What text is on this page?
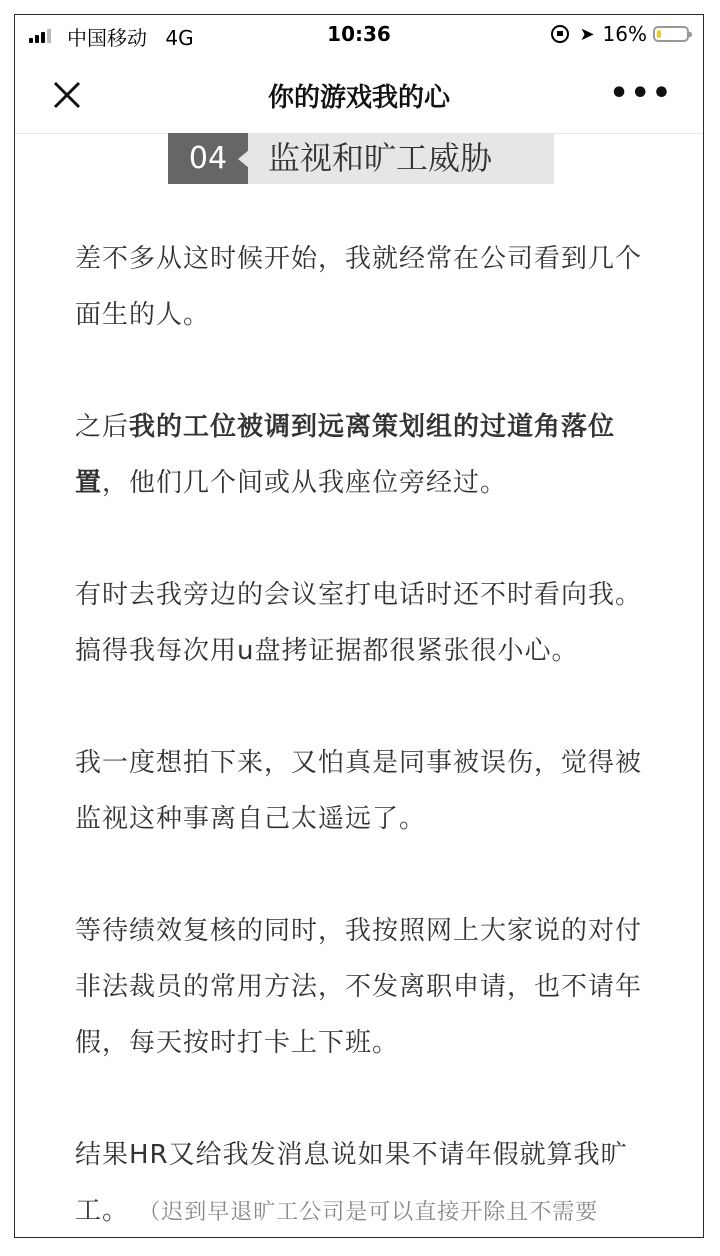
中国移动 4G	10:36	➤ 16%
你的游戏我的心	•••
04	监视和旷工威胁

差不多从这时候开始，我就经常在公司看到几个面生的人。

之后我的工位被调到远离策划组的过道角落位置，他们几个间或从我座位旁经过。

有时去我旁边的会议室打电话时还不时看向我。搞得我每次用u盘拷证据都很紧张很小心。

我一度想拍下来，又怕真是同事被误伤，觉得被监视这种事离自己太遥远了。

等待绩效复核的同时，我按照网上大家说的对付非法裁员的常用方法，不发离职申请，也不请年假，每天按时打卡上下班。

结果HR又给我发消息说如果不请年假就算我旷工。 （迟到早退旷工公司是可以直接开除且不需要
